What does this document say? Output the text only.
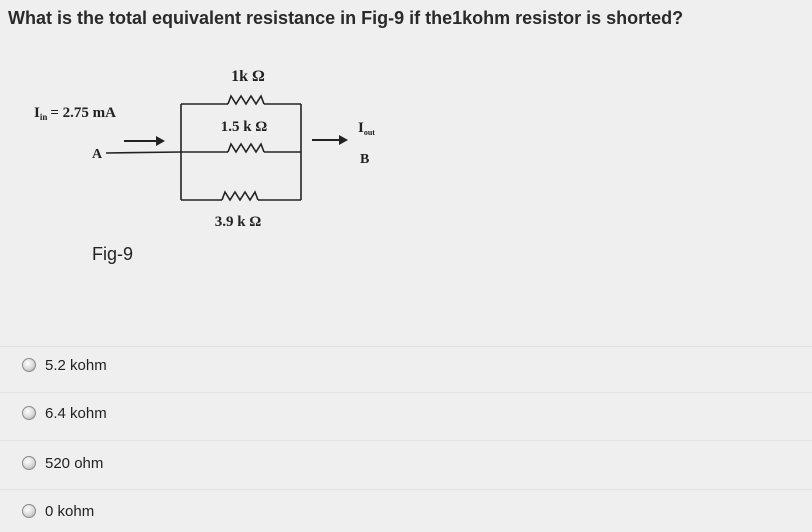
What is the total equivalent resistance in Fig-9 if the1kohm resistor is shorted?
1k Ω
1.5 k Ω
3.9 k Ω
$I_{in} = 2.75$ mA
A
$I_{out}$
B
Fig-9
5.2 kohm
6.4 kohm
520 ohm
0 kohm
